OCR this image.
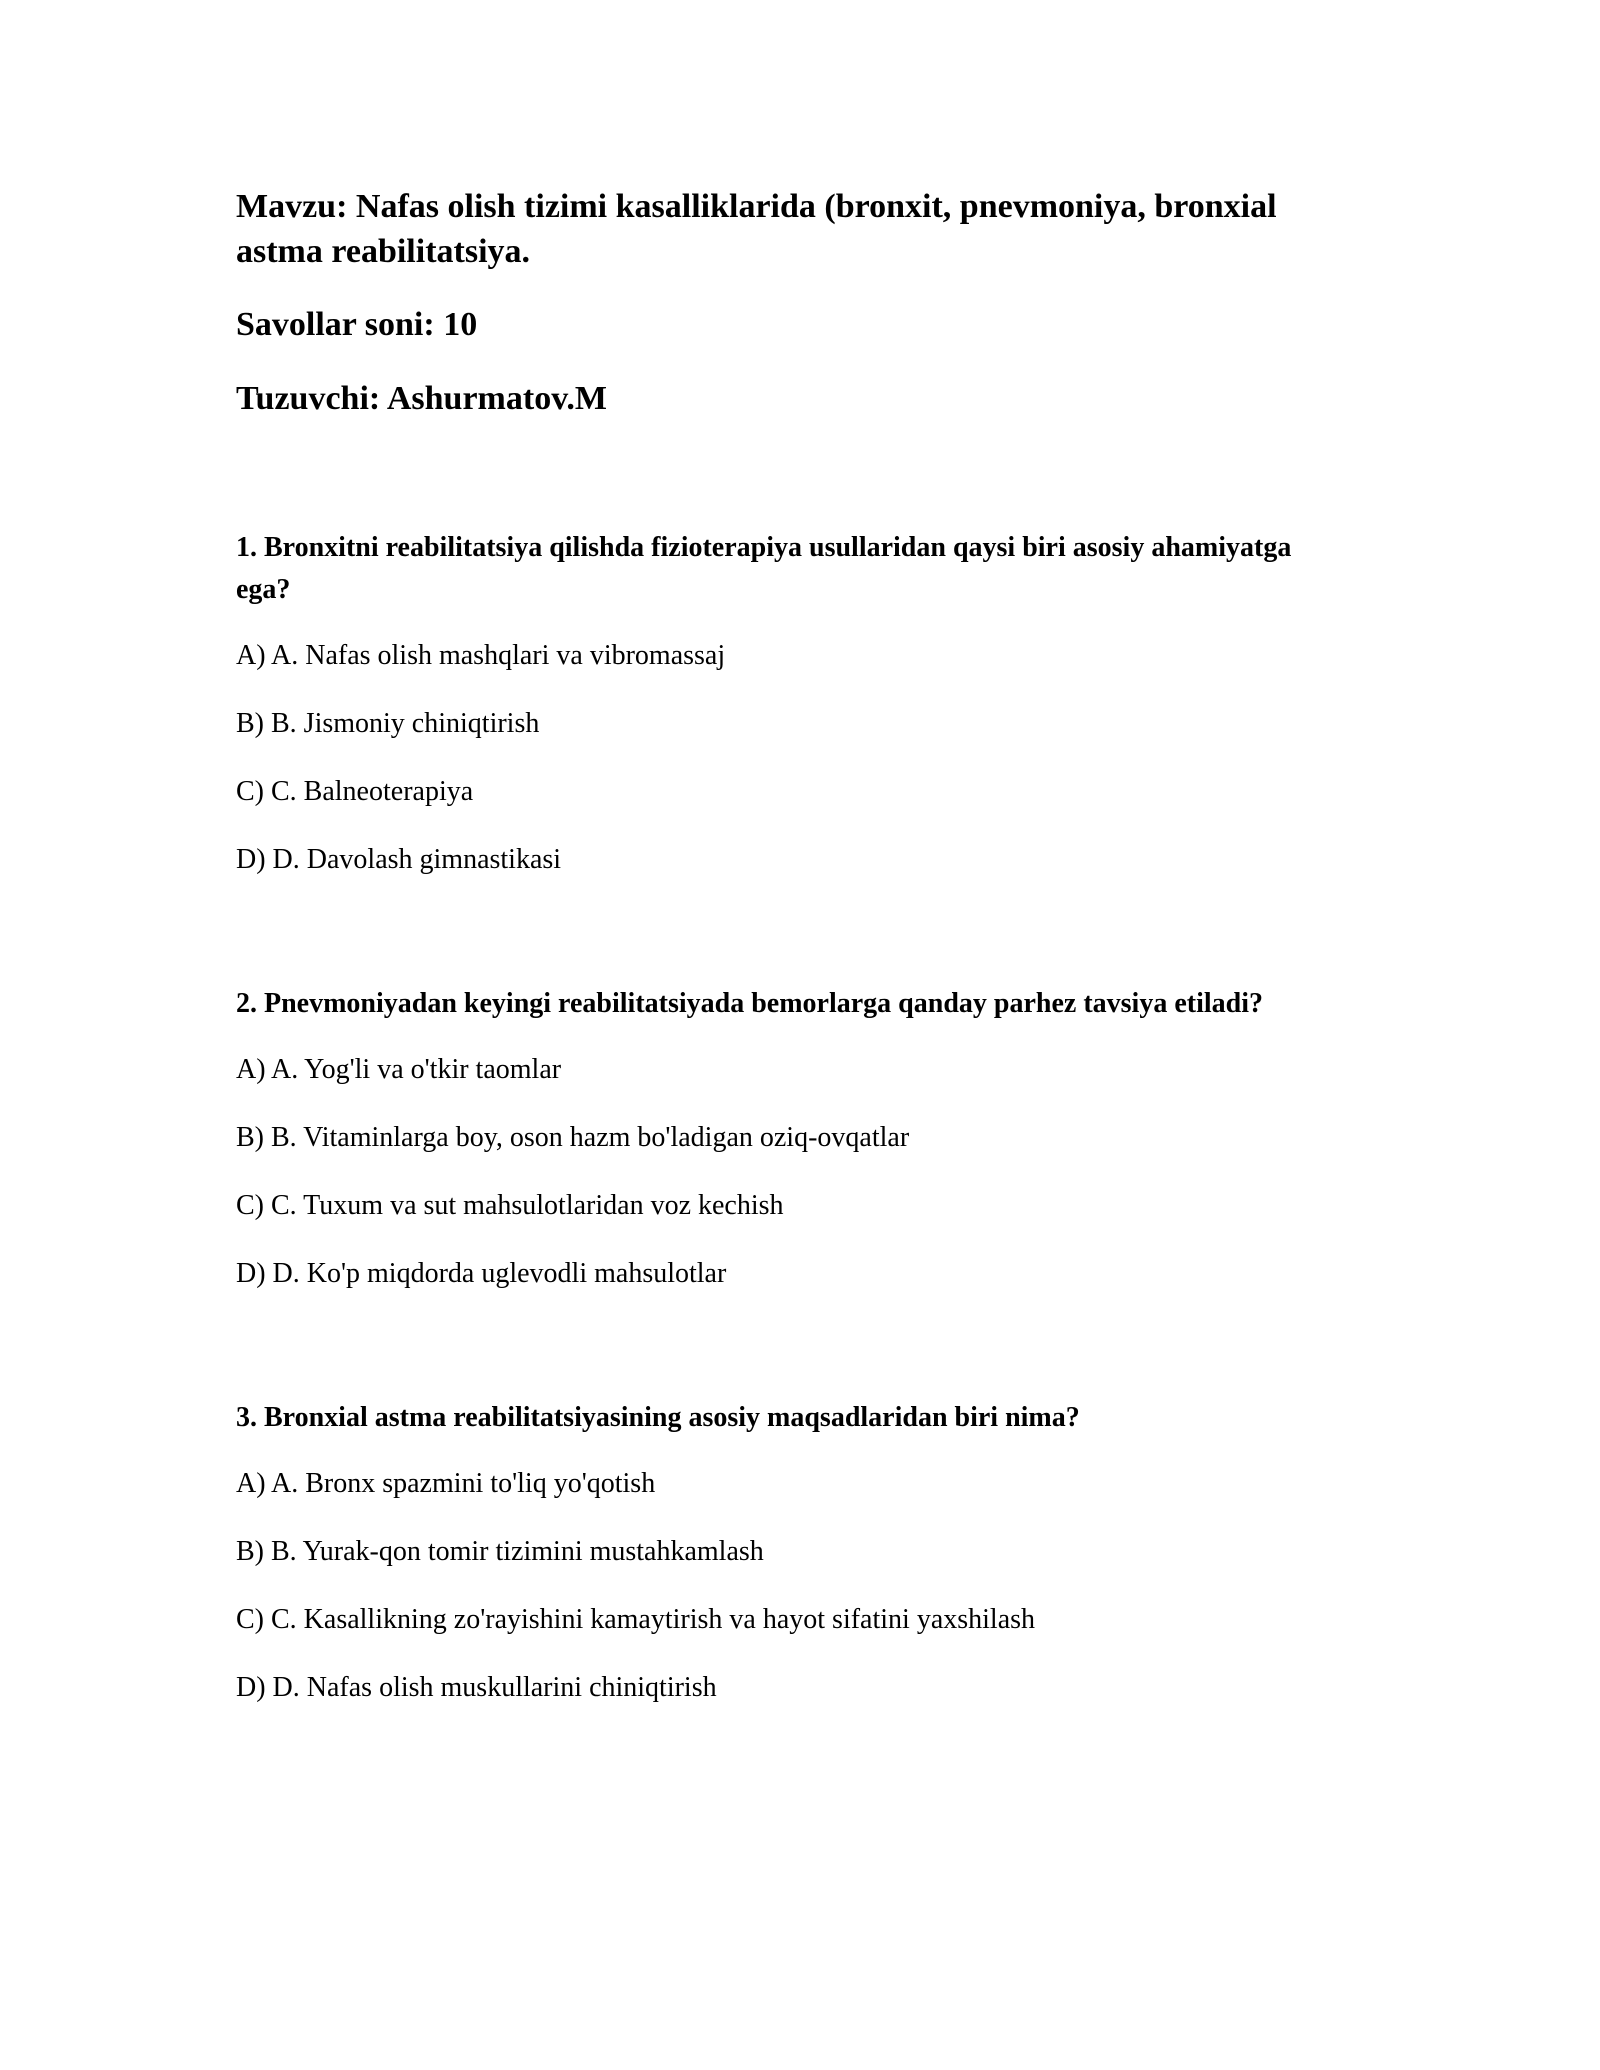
Mavzu: Nafas olish tizimi kasalliklarida (bronxit, pnevmoniya, bronxial astma reabilitatsiya.

Savollar soni: 10

Tuzuvchi: Ashurmatov.M

1. Bronxitni reabilitatsiya qilishda fizioterapiya usullaridan qaysi biri asosiy ahamiyatga ega?

A) A. Nafas olish mashqlari va vibromassaj
B) B. Jismoniy chiniqtirish
C) C. Balneoterapiya
D) D. Davolash gimnastikasi

2. Pnevmoniyadan keyingi reabilitatsiyada bemorlarga qanday parhez tavsiya etiladi?

A) A. Yog'li va o'tkir taomlar
B) B. Vitaminlarga boy, oson hazm bo'ladigan oziq-ovqatlar
C) C. Tuxum va sut mahsulotlaridan voz kechish
D) D. Ko'p miqdorda uglevodli mahsulotlar

3. Bronxial astma reabilitatsiyasining asosiy maqsadlaridan biri nima?

A) A. Bronx spazmini to'liq yo'qotish
B) B. Yurak-qon tomir tizimini mustahkamlash
C) C. Kasallikning zo'rayishini kamaytirish va hayot sifatini yaxshilash
D) D. Nafas olish muskullarini chiniqtirish
